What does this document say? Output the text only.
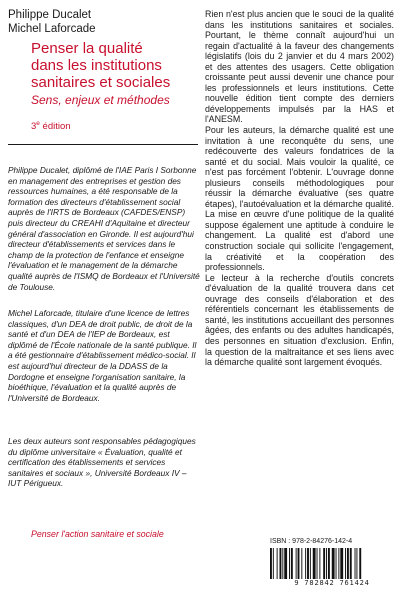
Philippe Ducalet
Michel Laforcade
Penser la qualité
dans les institutions
sanitaires et sociales
Sens, enjeux et méthodes
3e édition
Philippe Ducalet, diplômé de l'IAE Paris I Sorbonne en management des entreprises et gestion des ressources humaines, a été responsable de la formation des directeurs d'établissement social auprès de l'IRTS de Bordeaux (CAFDES/ENSP) puis directeur du CREAHI d'Aquitaine et directeur général d'association en Gironde. Il est aujourd'hui directeur d'établissements et services dans le champ de la protection de l'enfance et enseigne l'évaluation et le management de la démarche qualité auprès de l'ISMQ de Bordeaux et l'Université de Toulouse.
Michel Laforcade, titulaire d'une licence de lettres classiques, d'un DEA de droit public, de droit de la santé et d'un DEA de l'IEP de Bordeaux, est diplômé de l'École nationale de la santé publique. Il a été gestionnaire d'établissement médico-social. Il est aujourd'hui directeur de la DDASS de la Dordogne et enseigne l'organisation sanitaire, la bioéthique, l'évaluation et la qualité auprès de l'Université de Bordeaux.
Les deux auteurs sont responsables pédagogiques du diplôme universitaire « Évaluation, qualité et certification des établissements et services sanitaires et sociaux », Université Bordeaux IV – IUT Périgueux.
Penser l'action sanitaire et sociale

Rien n'est plus ancien que le souci de la qualité dans les institutions sanitaires et sociales. Pourtant, le thème connaît aujourd'hui un regain d'actualité à la faveur des changements législatifs (lois du 2 janvier et du 4 mars 2002) et des attentes des usagers. Cette obligation croissante peut aussi devenir une chance pour les professionnels et leurs institutions. Cette nouvelle édition tient compte des derniers développements impulsés par la HAS et l'ANESM.

Pour les auteurs, la démarche qualité est une invitation à une reconquête du sens, une redécouverte des valeurs fondatrices de la santé et du social. Mais vouloir la qualité, ce n'est pas forcément l'obtenir. L'ouvrage donne plusieurs conseils méthodologiques pour réussir la démarche évaluative (ses quatre étapes), l'autoévaluation et la démarche qualité. La mise en œuvre d'une politique de la qualité suppose également une aptitude à conduire le changement. La qualité est d'abord une construction sociale qui sollicite l'engagement, la créativité et la coopération des professionnels.

Le lecteur à la recherche d'outils concrets d'évaluation de la qualité trouvera dans cet ouvrage des conseils d'élaboration et des référentiels concernant les établissements de santé, les institutions accueillant des personnes âgées, des enfants ou des adultes handicapés, des personnes en situation d'exclusion. Enfin, la question de la maltraitance et ses liens avec la démarche qualité sont largement évoqués.

ISBN : 978-2-84276-142-4
9 782842 761424
